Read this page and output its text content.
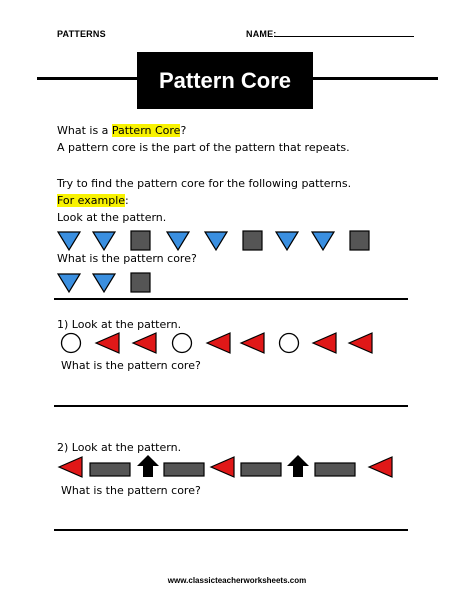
PATTERNS	NAME:
Pattern Core
What is a Pattern Core?
A pattern core is the part of the pattern that repeats.
Try to find the pattern core for the following patterns.
For example:
Look at the pattern.
What is the pattern core?
1) Look at the pattern.
What is the pattern core?
2) Look at the pattern.
What is the pattern core?
www.classicteacherworksheets.com
